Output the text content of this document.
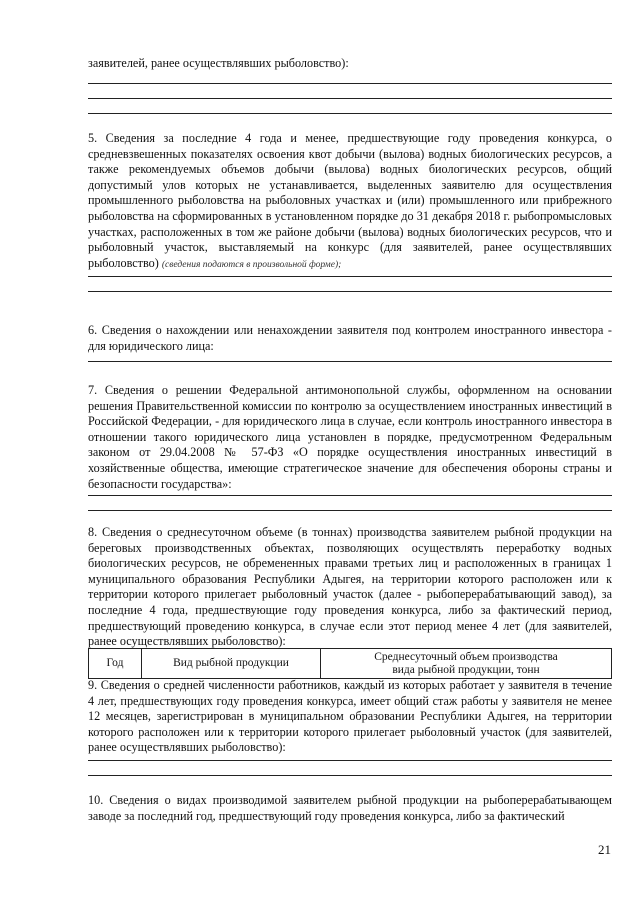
заявителей, ранее осуществлявших рыболовство):
5. Сведения за последние 4 года и менее, предшествующие году проведения конкурса, о средневзвешенных показателях освоения квот добычи (вылова) водных биологических ресурсов, а также рекомендуемых объемов добычи (вылова) водных биологических ресурсов, общий допустимый улов которых не устанавливается, выделенных заявителю для осуществления промышленного рыболовства на рыболовных участках и (или) промышленного или прибрежного рыболовства на сформированных в установленном порядке до 31 декабря 2018 г. рыбопромысловых участках, расположенных в том же районе добычи (вылова) водных биологических ресурсов, что и рыболовный участок, выставляемый на конкурс (для заявителей, ранее осуществлявших рыболовство) (сведения подаются в произвольной форме);
6. Сведения о нахождении или ненахождении заявителя под контролем иностранного инвестора - для юридического лица:
7. Сведения о решении Федеральной антимонопольной службы, оформленном на основании решения Правительственной комиссии по контролю за осуществлением иностранных инвестиций в Российской Федерации, - для юридического лица в случае, если контроль иностранного инвестора в отношении такого юридического лица установлен в порядке, предусмотренном Федеральным законом от 29.04.2008 № 57-ФЗ «О порядке осуществления иностранных инвестиций в хозяйственные общества, имеющие стратегическое значение для обеспечения обороны страны и безопасности государства»:
8. Сведения о среднесуточном объеме (в тоннах) производства заявителем рыбной продукции на береговых производственных объектах, позволяющих осуществлять переработку водных биологических ресурсов, не обремененных правами третьих лиц и расположенных в границах 1 муниципального образования Республики Адыгея, на территории которого расположен или к территории которого прилегает рыболовный участок (далее - рыбоперерабатывающий завод), за последние 4 года, предшествующие году проведения конкурса, либо за фактический период, предшествующий проведению конкурса, в случае если этот период менее 4 лет (для заявителей, ранее осуществлявших рыболовство):
Год	Вид рыбной продукции	Среднесуточный объем производства
вида рыбной продукции, тонн
9. Сведения о средней численности работников, каждый из которых работает у заявителя в течение 4 лет, предшествующих году проведения конкурса, имеет общий стаж работы у заявителя не менее 12 месяцев, зарегистрирован в муниципальном образовании Республики Адыгея, на территории которого расположен или к территории которого прилегает рыболовный участок (для заявителей, ранее осуществлявших рыболовство):
10. Сведения о видах производимой заявителем рыбной продукции на рыбоперерабатывающем заводе за последний год, предшествующий году проведения конкурса, либо за фактический
21
